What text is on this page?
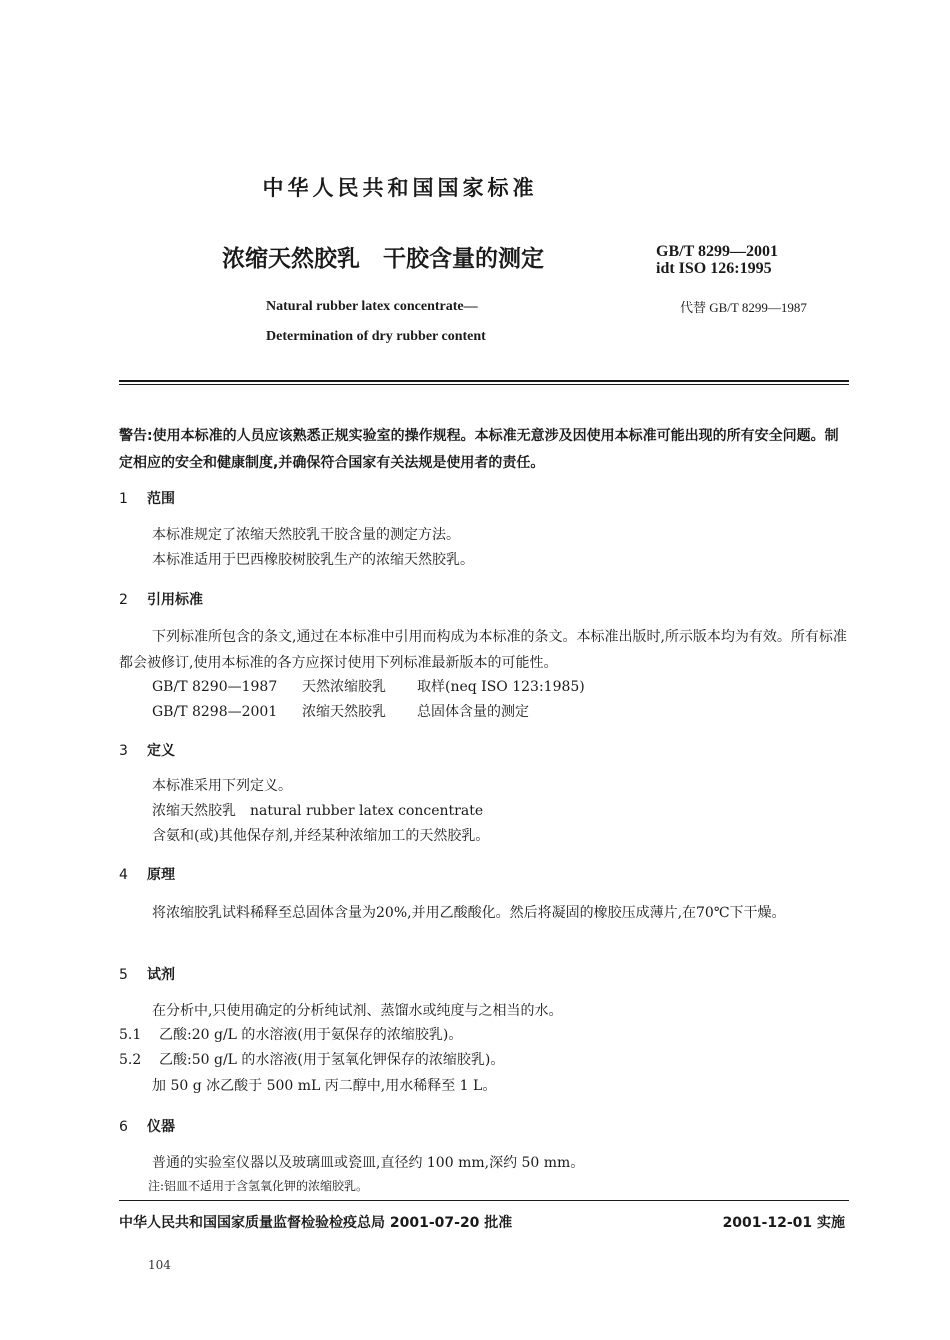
中华人民共和国国家标准
浓缩天然胶乳　干胶含量的测定	GB/T 8299—2001
idt ISO 126:1995
Natural rubber latex concentrate—
Determination of dry rubber content
代替 GB/T 8299—1987
警告:使用本标准的人员应该熟悉正规实验室的操作规程。本标准无意涉及因使用本标准可能出现的所有安全问题。制定相应的安全和健康制度,并确保符合国家有关法规是使用者的责任。
1 范围
本标准规定了浓缩天然胶乳干胶含量的测定方法。
本标准适用于巴西橡胶树胶乳生产的浓缩天然胶乳。
2 引用标准
下列标准所包含的条文,通过在本标准中引用而构成为本标准的条文。本标准出版时,所示版本均为有效。所有标准都会被修订,使用本标准的各方应探讨使用下列标准最新版本的可能性。
GB/T 8290—1987 天然浓缩胶乳 取样(neq ISO 123:1985)
GB/T 8298—2001 浓缩天然胶乳 总固体含量的测定
3 定义
本标准采用下列定义。
浓缩天然胶乳　natural rubber latex concentrate
含氨和(或)其他保存剂,并经某种浓缩加工的天然胶乳。
4 原理
将浓缩胶乳试料稀释至总固体含量为20%,并用乙酸酸化。然后将凝固的橡胶压成薄片,在70℃下干燥。
5 试剂
在分析中,只使用确定的分析纯试剂、蒸馏水或纯度与之相当的水。
5.1 乙酸:20 g/L 的水溶液(用于氨保存的浓缩胶乳)。
5.2 乙酸:50 g/L 的水溶液(用于氢氧化钾保存的浓缩胶乳)。
加 50 g 冰乙酸于 500 mL 丙二醇中,用水稀释至 1 L。
6 仪器
普通的实验室仪器以及玻璃皿或瓷皿,直径约 100 mm,深约 50 mm。
注:铝皿不适用于含氢氧化钾的浓缩胶乳。
中华人民共和国国家质量监督检验检疫总局 2001-07-20 批准	2001-12-01 实施
104
